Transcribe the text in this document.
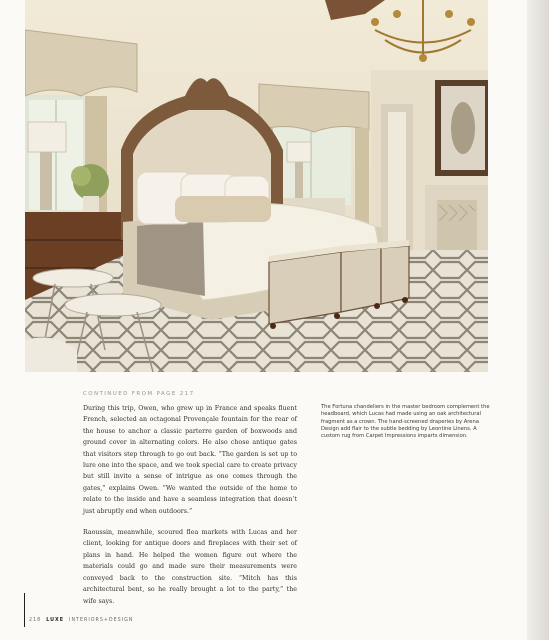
CONTINUED FROM PAGE 217

During this trip, Owen, who grew up in France and speaks fluent French, selected an octagonal Provençale fountain for the rear of the house to anchor a classic parterre garden of boxwoods and ground cover in alternating colors. He also chose antique gates that visitors step through to go out back. “The garden is set up to lure one into the space, and we took special care to create privacy but still invite a sense of intrigue as one comes through the gates,” explains Owen. “We wanted the outside of the home to relate to the inside and have a seamless integration that doesn’t just abruptly end when outdoors.”

Raoussin, meanwhile, scoured flea markets with Lucas and her client, looking for antique doors and fireplaces with their set of plans in hand. He helped the women figure out where the materials could go and made sure their measurements were conveyed back to the construction site. “Mitch has this architectural bent, so he really brought a lot to the party,” the wife says.

The Fortuna chandeliers in the master bedroom complement the headboard, which Lucas had made using an oak architectural fragment as a crown. The hand-screened draperies by Arena Design add flair to the subtle bedding by Leontine Linens. A custom rug from Carpet Impressions imparts dimension.

218 LUXE INTERIORS+DESIGN
